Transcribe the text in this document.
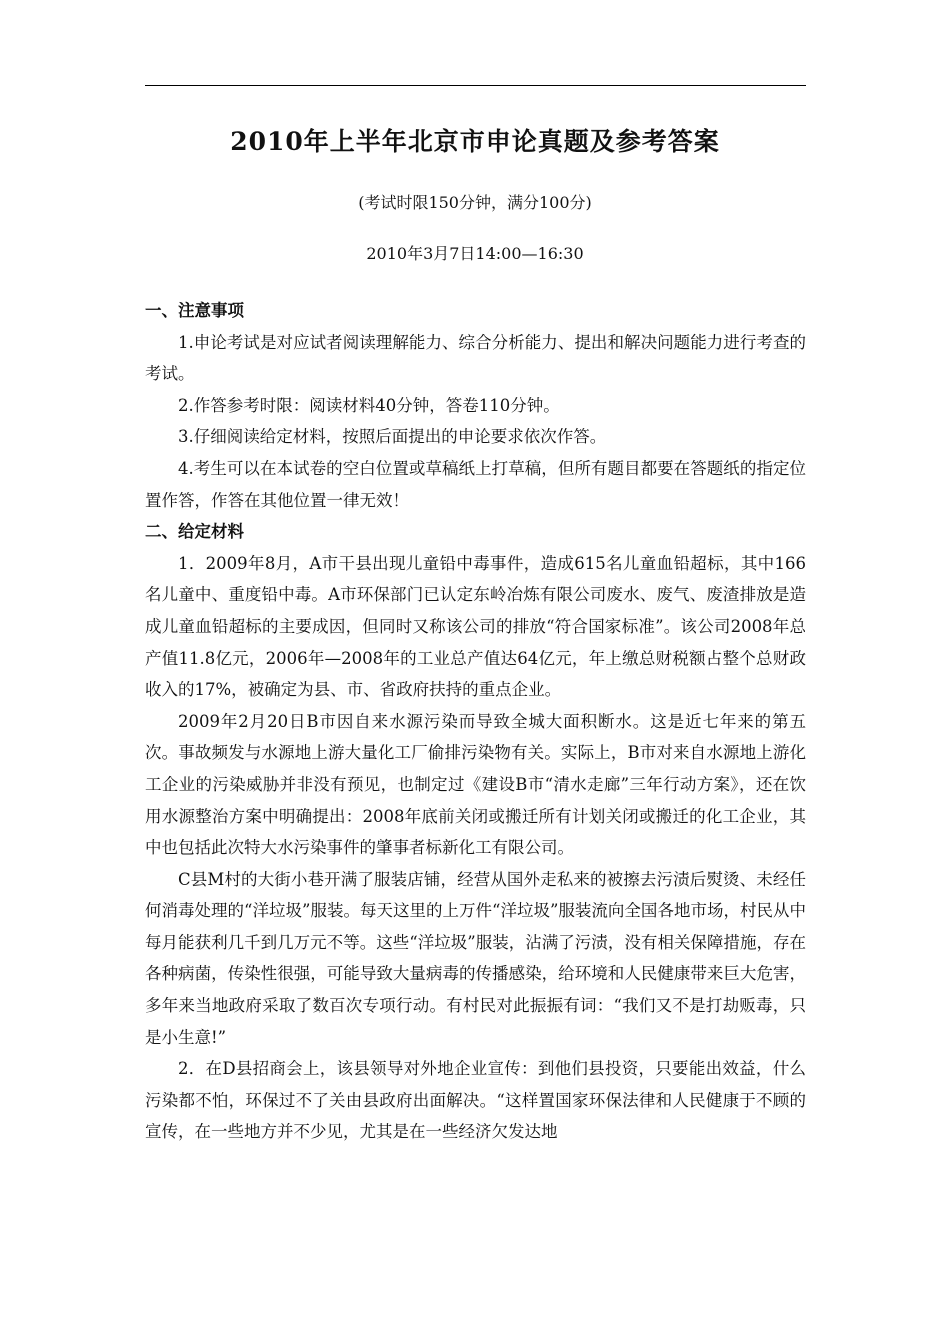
2010年上半年北京市申论真题及参考答案
(考试时限150分钟，满分100分)
2010年3月7日14:00—16:30

一、注意事项

1.申论考试是对应试者阅读理解能力、综合分析能力、提出和解决问题能力进行考查的考试。

2.作答参考时限：阅读材料40分钟，答卷110分钟。

3.仔细阅读给定材料，按照后面提出的申论要求依次作答。

4.考生可以在本试卷的空白位置或草稿纸上打草稿，但所有题目都要在答题纸的指定位置作答，作答在其他位置一律无效！

二、给定材料

1．2009年8月，A市干县出现儿童铅中毒事件，造成615名儿童血铅超标，其中166名儿童中、重度铅中毒。A市环保部门已认定东岭冶炼有限公司废水、废气、废渣排放是造成儿童血铅超标的主要成因，但同时又称该公司的排放“符合国家标准”。该公司2008年总产值11.8亿元，2006年—2008年的工业总产值达64亿元，年上缴总财税额占整个总财政收入的17%，被确定为县、市、省政府扶持的重点企业。

2009年2月20日B市因自来水源污染而导致全城大面积断水。这是近七年来的第五次。事故频发与水源地上游大量化工厂偷排污染物有关。实际上，B市对来自水源地上游化工企业的污染威胁并非没有预见，也制定过《建设B市“清水走廊”三年行动方案》，还在饮用水源整治方案中明确提出：2008年底前关闭或搬迁所有计划关闭或搬迁的化工企业，其中也包括此次特大水污染事件的肇事者标新化工有限公司。

C县M村的大街小巷开满了服装店铺，经营从国外走私来的被擦去污渍后熨烫、未经任何消毒处理的“洋垃圾”服装。每天这里的上万件“洋垃圾”服装流向全国各地市场，村民从中每月能获利几千到几万元不等。这些“洋垃圾”服装，沾满了污渍，没有相关保障措施，存在各种病菌，传染性很强，可能导致大量病毒的传播感染，给环境和人民健康带来巨大危害，多年来当地政府采取了数百次专项行动。有村民对此振振有词：“我们又不是打劫贩毒，只是小生意!”

2．在D县招商会上，该县领导对外地企业宣传：到他们县投资，只要能出效益，什么污染都不怕，环保过不了关由县政府出面解决。“这样置国家环保法律和人民健康于不顾的宣传，在一些地方并不少见，尤其是在一些经济欠发达地
